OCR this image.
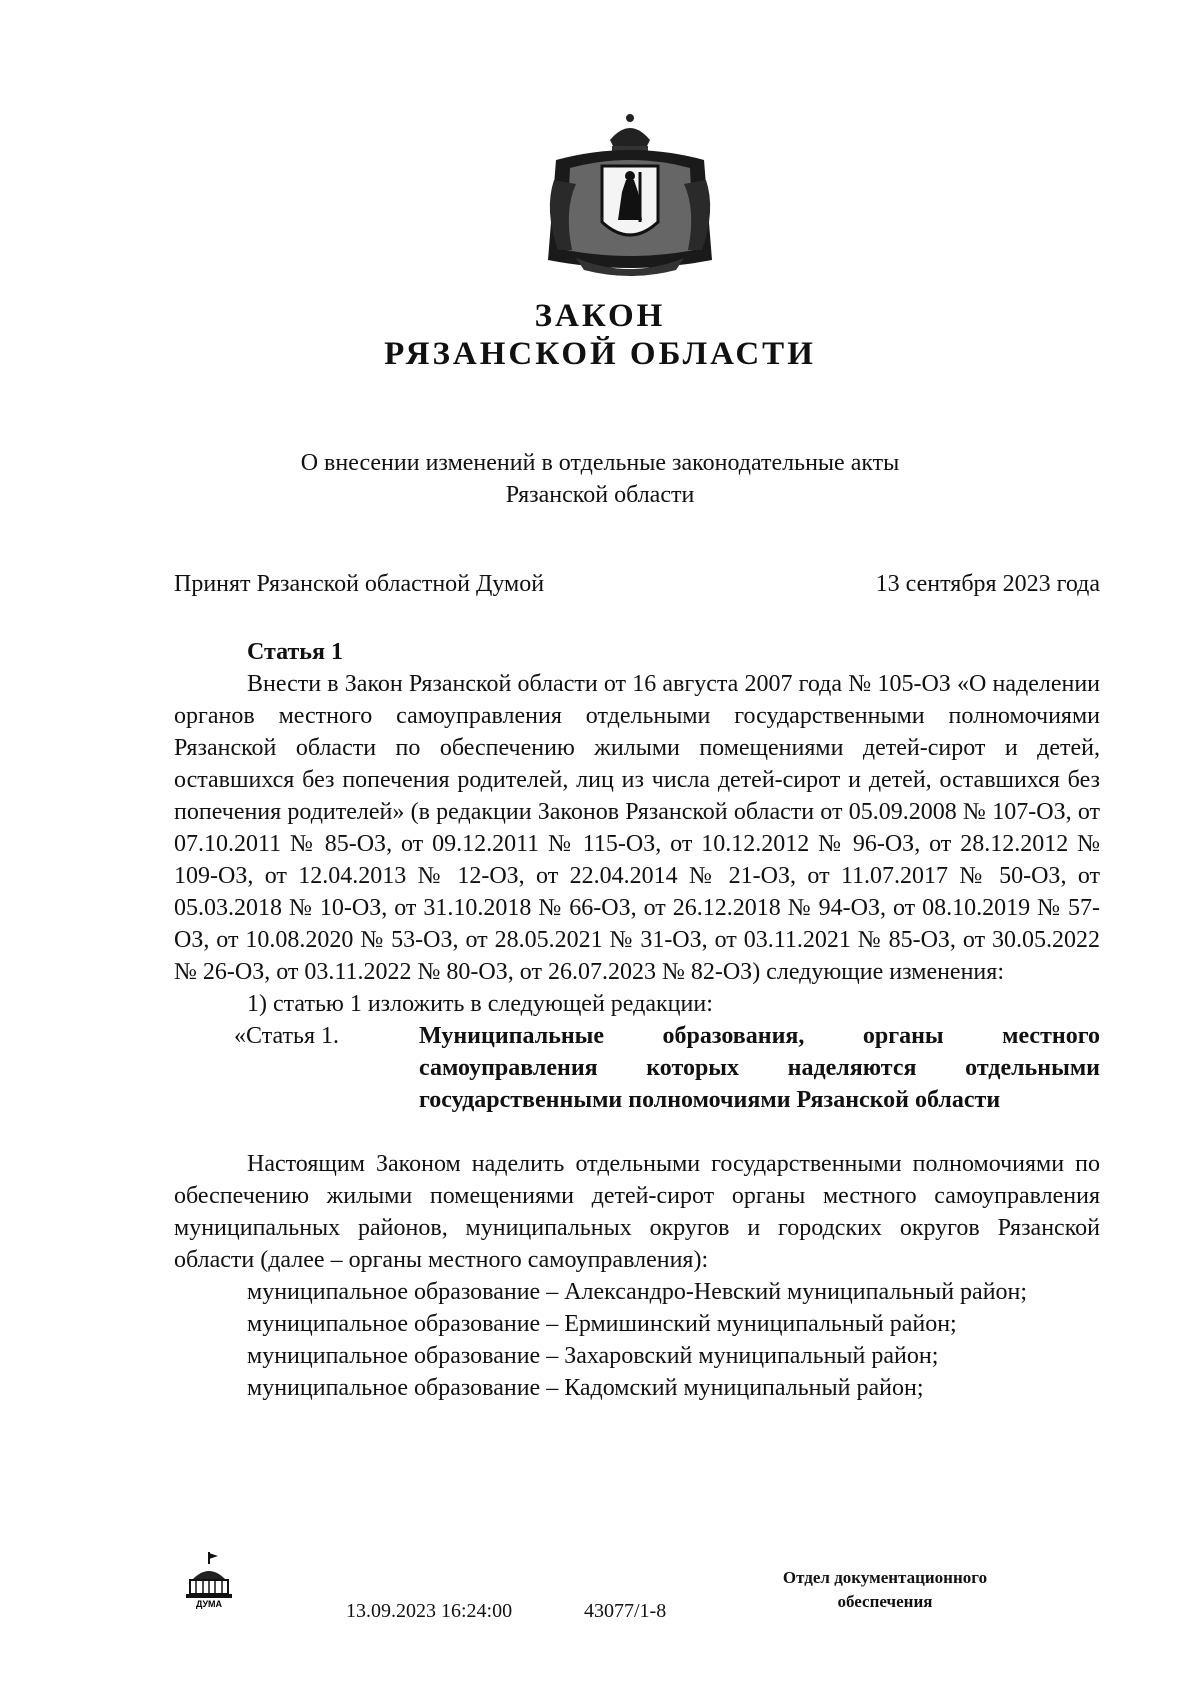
ЗАКОН
РЯЗАНСКОЙ ОБЛАСТИ
О внесении изменений в отдельные законодательные акты
Рязанской области
Принят Рязанской областной Думой	13 сентября 2023 года

Статья 1

Внести в Закон Рязанской области от 16 августа 2007 года № 105-ОЗ «О наделении органов местного самоуправления отдельными государственными полномочиями Рязанской области по обеспечению жилыми помещениями детей-сирот и детей, оставшихся без попечения родителей, лиц из числа детей-сирот и детей, оставшихся без попечения родителей» (в редакции Законов Рязанской области от 05.09.2008 № 107-ОЗ, от 07.10.2011 № 85-ОЗ, от 09.12.2011 № 115-ОЗ, от 10.12.2012 № 96-ОЗ, от 28.12.2012 № 109-ОЗ, от 12.04.2013 № 12-ОЗ, от 22.04.2014 № 21-ОЗ, от 11.07.2017 № 50-ОЗ, от 05.03.2018 № 10-ОЗ, от 31.10.2018 № 66-ОЗ, от 26.12.2018 № 94-ОЗ, от 08.10.2019 № 57-ОЗ, от 10.08.2020 № 53-ОЗ, от 28.05.2021 № 31-ОЗ, от 03.11.2021 № 85-ОЗ, от 30.05.2022 № 26-ОЗ, от 03.11.2022 № 80-ОЗ, от 26.07.2023 № 82-ОЗ) следующие изменения:

1) статью 1 изложить в следующей редакции:

«Статья 1.	Муниципальные образования, органы местного самоуправления которых наделяются отдельными государственными полномочиями Рязанской области

Настоящим Законом наделить отдельными государственными полномочиями по обеспечению жилыми помещениями детей-сирот органы местного самоуправления муниципальных районов, муниципальных округов и городских округов Рязанской области (далее – органы местного самоуправления):

муниципальное образование – Александро-Невский муниципальный район;

муниципальное образование – Ермишинский муниципальный район;

муниципальное образование – Захаровский муниципальный район;

муниципальное образование – Кадомский муниципальный район;

ДУМА	13.09.2023 16:24:00	43077/1-8
Отдел документационного
обеспечения
